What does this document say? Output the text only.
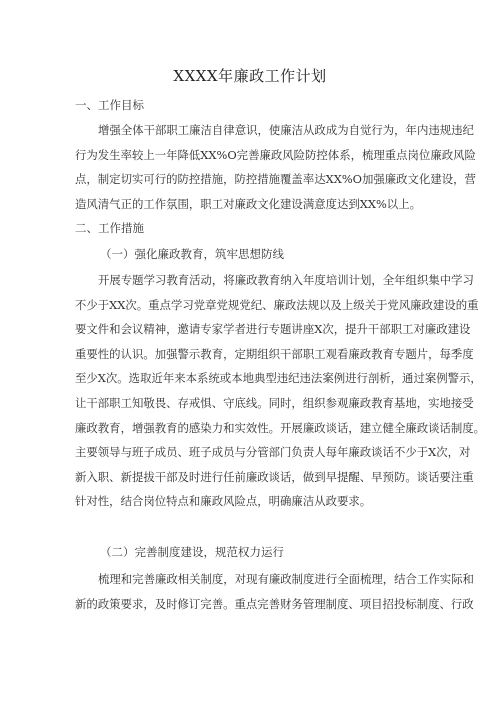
XXXX年廉政工作计划
一、工作目标
增强全体干部职工廉洁自律意识，使廉洁从政成为自觉行为，年内违规违纪
行为发生率较上一年降低XX%O完善廉政风险防控体系，梳理重点岗位廉政风险
点，制定切实可行的防控措施，防控措施覆盖率达XX%O加强廉政文化建设，营
造风清气正的工作氛围，职工对廉政文化建设满意度达到XX%以上。
二、工作措施
（一）强化廉政教育，筑牢思想防线
开展专题学习教育活动，将廉政教育纳入年度培训计划，全年组织集中学习
不少于XX次。重点学习党章党规党纪、廉政法规以及上级关于党风廉政建设的重
要文件和会议精神，邀请专家学者进行专题讲座X次，提升干部职工对廉政建设
重要性的认识。加强警示教育，定期组织干部职工观看廉政教育专题片，每季度
至少X次。选取近年来本系统或本地典型违纪违法案例进行剖析，通过案例警示，
让干部职工知敬畏、存戒惧、守底线。同时，组织参观廉政教育基地，实地接受
廉政教育，增强教育的感染力和实效性。开展廉政谈话，建立健全廉政谈话制度。
主要领导与班子成员、班子成员与分管部门负责人每年廉政谈话不少于X次，对
新入职、新提拔干部及时进行任前廉政谈话，做到早提醒、早预防。谈话要注重
针对性，结合岗位特点和廉政风险点，明确廉洁从政要求。
（二）完善制度建设，规范权力运行
梳理和完善廉政相关制度，对现有廉政制度进行全面梳理，结合工作实际和
新的政策要求，及时修订完善。重点完善财务管理制度、项目招投标制度、行政
